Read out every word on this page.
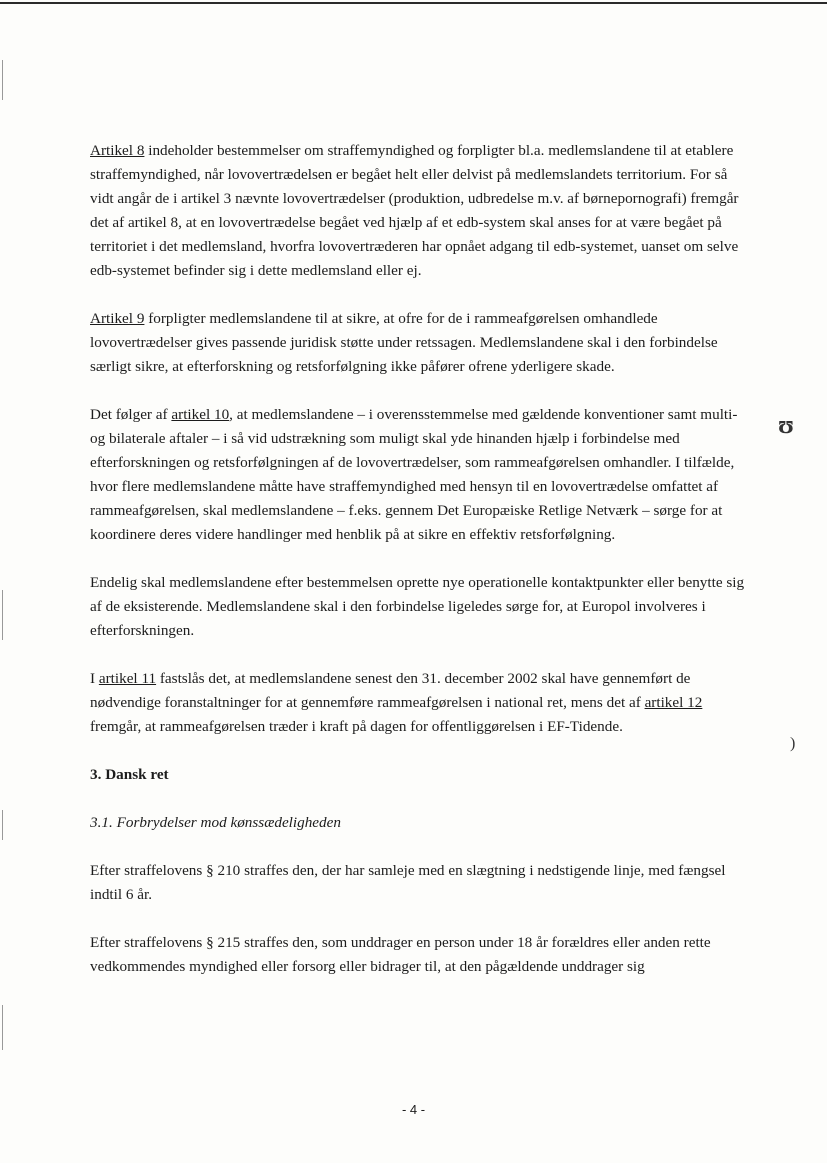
ʊ
)

Artikel 8 indeholder bestemmelser om straffemyndighed og forpligter bl.a. medlemslandene til at etablere straffemyndighed, når lovovertrædelsen er begået helt eller delvist på medlemslandets territorium. For så vidt angår de i artikel 3 nævnte lovovertrædelser (produktion, udbredelse m.v. af børnepornografi) fremgår det af artikel 8, at en lovovertrædelse begået ved hjælp af et edb-system skal anses for at være begået på territoriet i det medlemsland, hvorfra lovovertræderen har opnået adgang til edb-systemet, uanset om selve edb-systemet befinder sig i dette medlemsland eller ej.

Artikel 9 forpligter medlemslandene til at sikre, at ofre for de i rammeafgørelsen omhandlede lovovertrædelser gives passende juridisk støtte under retssagen. Medlemslandene skal i den forbindelse særligt sikre, at efterforskning og retsforfølgning ikke påfører ofrene yderligere skade.

Det følger af artikel 10, at medlemslandene – i overensstemmelse med gældende konventioner samt multi- og bilaterale aftaler – i så vid udstrækning som muligt skal yde hinanden hjælp i forbindelse med efterforskningen og retsforfølgningen af de lovovertrædelser, som rammeafgørelsen omhandler. I tilfælde, hvor flere medlemslandene måtte have straffemyndighed med hensyn til en lovovertrædelse omfattet af rammeafgørelsen, skal medlemslandene – f.eks. gennem Det Europæiske Retlige Netværk – sørge for at koordinere deres videre handlinger med henblik på at sikre en effektiv retsforfølgning.

Endelig skal medlemslandene efter bestemmelsen oprette nye operationelle kontaktpunkter eller benytte sig af de eksisterende. Medlemslandene skal i den forbindelse ligeledes sørge for, at Europol involveres i efterforskningen.

I artikel 11 fastslås det, at medlemslandene senest den 31. december 2002 skal have gennemført de nødvendige foranstaltninger for at gennemføre rammeafgørelsen i national ret, mens det af artikel 12 fremgår, at rammeafgørelsen træder i kraft på dagen for offentliggørelsen i EF-Tidende.

3. Dansk ret

3.1. Forbrydelser mod kønssædeligheden

Efter straffelovens § 210 straffes den, der har samleje med en slægtning i nedstigende linje, med fængsel indtil 6 år.

Efter straffelovens § 215 straffes den, som unddrager en person under 18 år forældres eller anden rette vedkommendes myndighed eller forsorg eller bidrager til, at den pågældende unddrager sig

- 4 -
